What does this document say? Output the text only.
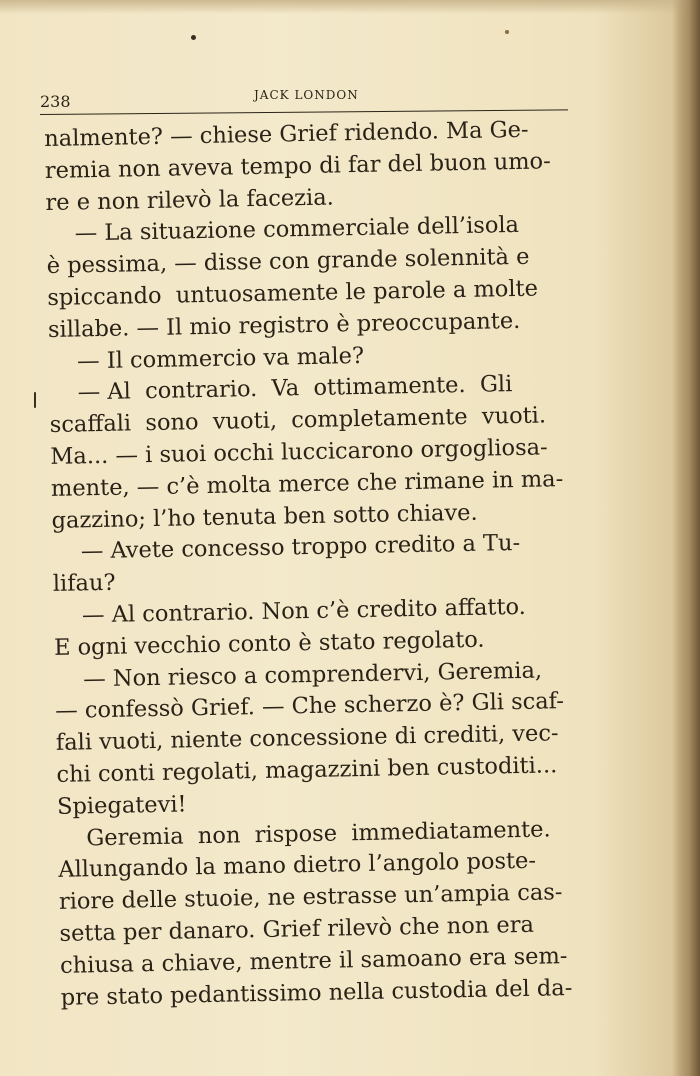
238	JACK LONDON
nalmente? — chiese Grief ridendo. Ma Ge-
remia non aveva tempo di far del buon umo-
re e non rilevò la facezia.
— La situazione commerciale dell’isola
è pessima, — disse con grande solennità e
spiccando  untuosamente le parole a molte
sillabe. — Il mio registro è preoccupante.
— Il commercio va male?
— Al  contrario.  Va  ottimamente.  Gli
scaffali  sono  vuoti,  completamente  vuoti.
Ma... — i suoi occhi luccicarono orgogliosa-
mente, — c’è molta merce che rimane in ma-
gazzino; l’ho tenuta ben sotto chiave.
— Avete concesso troppo credito a Tu-
lifau?
— Al contrario. Non c’è credito affatto.
E ogni vecchio conto è stato regolato.
— Non riesco a comprendervi, Geremia,
— confessò Grief. — Che scherzo è? Gli scaf-
fali vuoti, niente concessione di crediti, vec-
chi conti regolati, magazzini ben custoditi...
Spiegatevi!
Geremia  non  rispose  immediatamente.
Allungando la mano dietro l’angolo poste-
riore delle stuoie, ne estrasse un’ampia cas-
setta per danaro. Grief rilevò che non era
chiusa a chiave, mentre il samoano era sem-
pre stato pedantissimo nella custodia del da-
